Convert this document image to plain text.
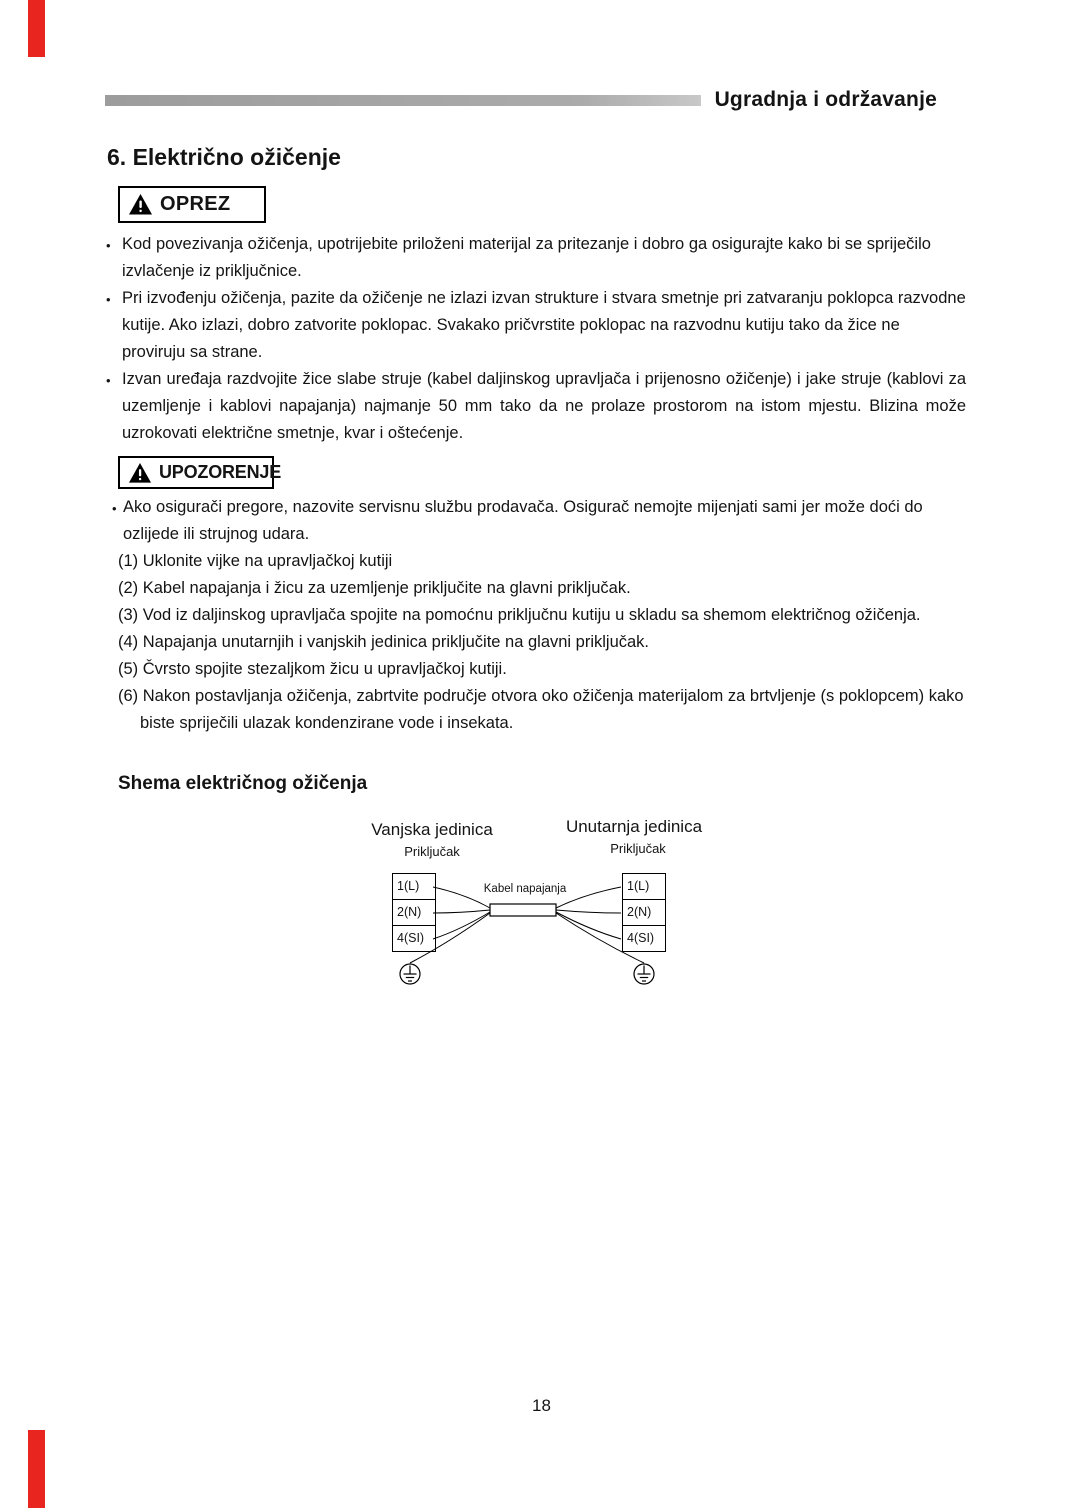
Ugradnja i održavanje
6. Električno ožičenje
OPREZ
• Kod povezivanja ožičenja, upotrijebite priloženi materijal za pritezanje i dobro ga osigurajte kako bi se spriječilo izvlačenje iz priključnice.
• Pri izvođenju ožičenja, pazite da ožičenje ne izlazi izvan strukture i stvara smetnje pri zatvaranju poklopca razvodne kutije. Ako izlazi, dobro zatvorite poklopac. Svakako pričvrstite poklopac na razvodnu kutiju tako da žice ne proviruju sa strane.
• Izvan uređaja razdvojite žice slabe struje (kabel daljinskog upravljača i prijenosno ožičenje) i jake struje (kablovi za uzemljenje i kablovi napajanja) najmanje 50 mm tako da ne prolaze prostorom na istom mjestu. Blizina može uzrokovati električne smetnje, kvar i oštećenje.
UPOZORENJE
• Ako osigurači pregore, nazovite servisnu službu prodavača. Osigurač nemojte mijenjati sami jer može doći do ozlijede ili strujnog udara.
(1) Uklonite vijke na upravljačkoj kutiji
(2) Kabel napajanja i žicu za uzemljenje priključite na glavni priključak.
(3) Vod iz daljinskog upravljača spojite na pomoćnu priključnu kutiju u skladu sa shemom električnog ožičenja.
(4) Napajanja unutarnjih i vanjskih jedinica priključite na glavni priključak.
(5) Čvrsto spojite stezaljkom žicu u upravljačkoj kutiji.
(6) Nakon postavljanja ožičenja, zabrtvite područje otvora oko ožičenja materijalom za brtvljenje (s poklopcem) kako biste spriječili ulazak kondenzirane vode i insekata.
Shema električnog ožičenja
Vanjska jedinica	Unutarnja jedinica
Priključak	Priključak
1(L)
2(N)
4(SI)
1(L)
2(N)
4(SI)
Kabel napajanja
18
